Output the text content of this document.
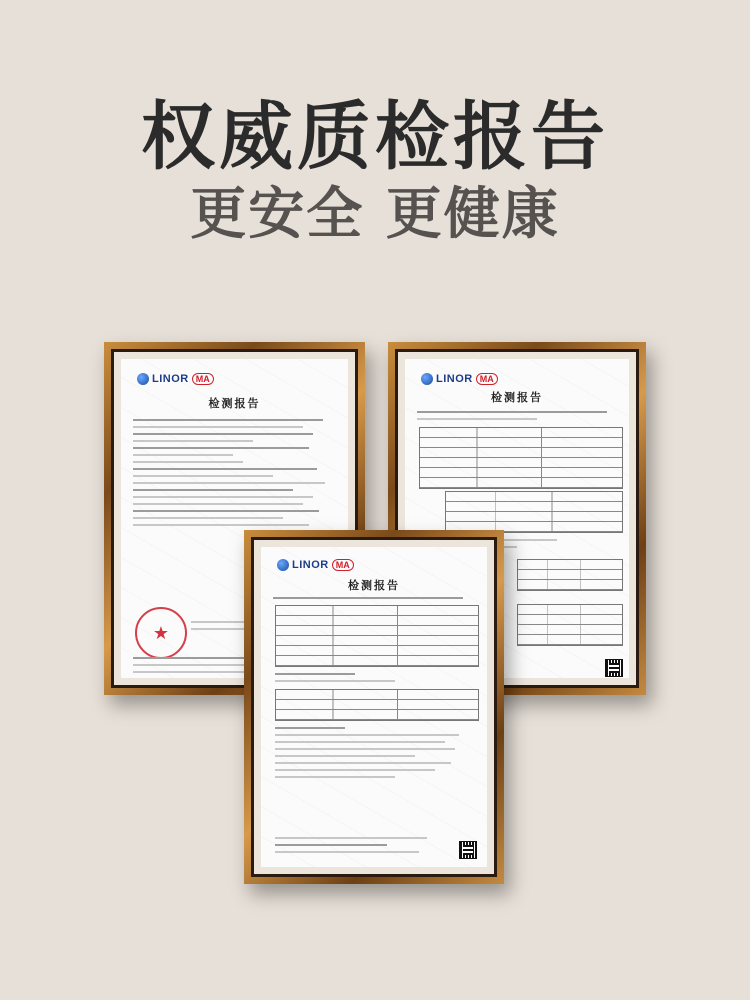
权威质检报告
更安全 更健康
LINOR MA
检测报告
★
LINOR MA
检测报告
LINOR MA
检测报告
